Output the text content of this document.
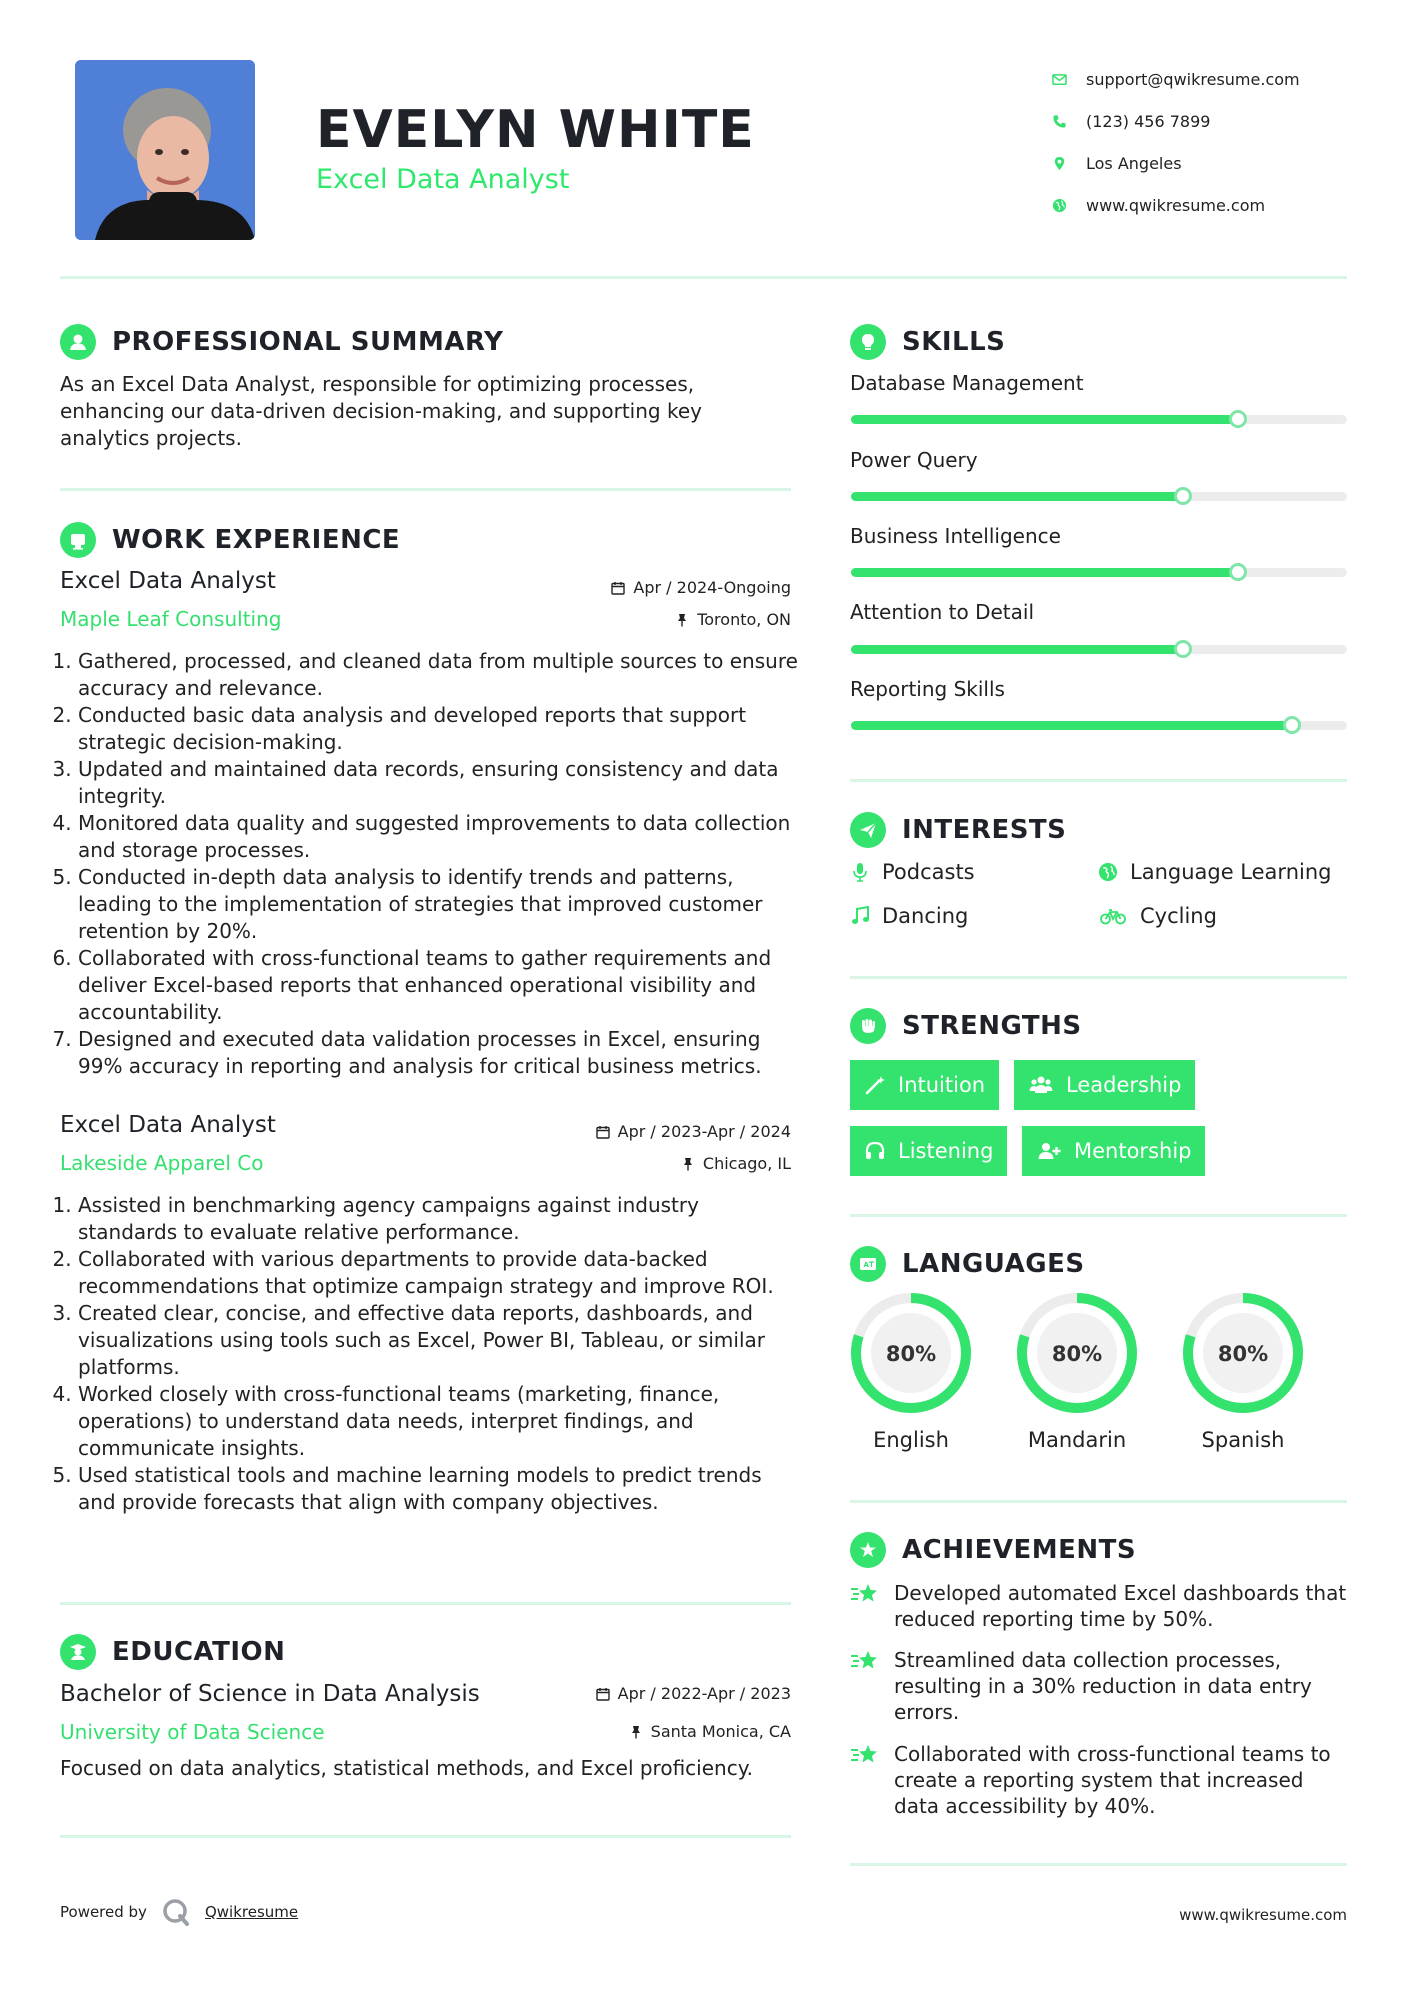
EVELYN WHITE
Excel Data Analyst
support@qwikresume.com
(123) 456 7899
Los Angeles
www.qwikresume.com
PROFESSIONAL SUMMARY
As an Excel Data Analyst, responsible for optimizing processes, enhancing our data-driven decision-making, and supporting key analytics projects.
WORK EXPERIENCE
Excel Data Analyst	Apr / 2024-Ongoing
Maple Leaf Consulting	Toronto, ON
1. Gathered, processed, and cleaned data from multiple sources to ensure accuracy and relevance.
2. Conducted basic data analysis and developed reports that support strategic decision-making.
3. Updated and maintained data records, ensuring consistency and data integrity.
4. Monitored data quality and suggested improvements to data collection and storage processes.
5. Conducted in-depth data analysis to identify trends and patterns, leading to the implementation of strategies that improved customer retention by 20%.
6. Collaborated with cross-functional teams to gather requirements and deliver Excel-based reports that enhanced operational visibility and accountability.
7. Designed and executed data validation processes in Excel, ensuring 99% accuracy in reporting and analysis for critical business metrics.
Excel Data Analyst	Apr / 2023-Apr / 2024
Lakeside Apparel Co	Chicago, IL
1. Assisted in benchmarking agency campaigns against industry standards to evaluate relative performance.
2. Collaborated with various departments to provide data-backed recommendations that optimize campaign strategy and improve ROI.
3. Created clear, concise, and effective data reports, dashboards, and visualizations using tools such as Excel, Power BI, Tableau, or similar platforms.
4. Worked closely with cross-functional teams (marketing, finance, operations) to understand data needs, interpret findings, and communicate insights.
5. Used statistical tools and machine learning models to predict trends and provide forecasts that align with company objectives.
EDUCATION
Bachelor of Science in Data Analysis	Apr / 2022-Apr / 2023
University of Data Science	Santa Monica, CA
Focused on data analytics, statistical methods, and Excel proficiency.
SKILLS
Database Management
Power Query
Business Intelligence
Attention to Detail
Reporting Skills
INTERESTS
Podcasts	Language Learning
Dancing	Cycling
STRENGTHS
Intuition	Leadership
Listening	Mentorship
A LANGUAGES
80%
English
80%
Mandarin
80%
Spanish
ACHIEVEMENTS
Developed automated Excel dashboards that reduced reporting time by 50%.
Streamlined data collection processes, resulting in a 30% reduction in data entry errors.
Collaborated with cross-functional teams to create a reporting system that increased data accessibility by 40%.
Powered by	Qwikresume	www.qwikresume.com
